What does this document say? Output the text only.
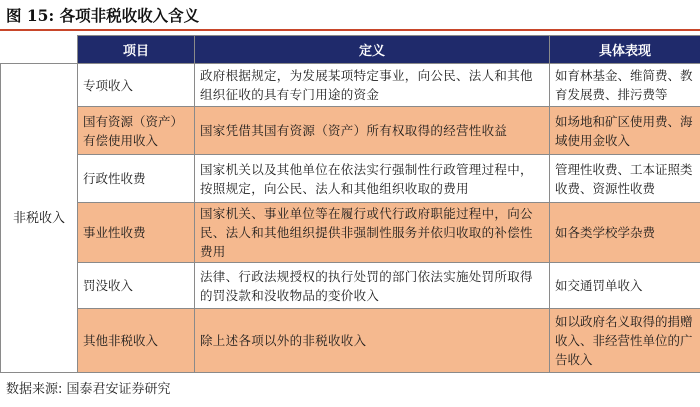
图 15: 各项非税收收入含义
	项目	定义	具体表现
非税收入	专项收入	政府根据规定，为发展某项特定事业，向公民、法人和其他组织征收的具有专门用途的资金	如育林基金、维简费、教育发展费、排污费等
	国有资源（资产）有偿使用收入	国家凭借其国有资源（资产）所有权取得的经营性收益	如场地和矿区使用费、海域使用金收入
	行政性收费	国家机关以及其他单位在依法实行强制性行政管理过程中，按照规定，向公民、法人和其他组织收取的费用	管理性收费、工本证照类收费、资源性收费
	事业性收费	国家机关、事业单位等在履行或代行政府职能过程中，向公民、法人和其他组织提供非强制性服务并依归收取的补偿性费用	如各类学校学杂费
	罚没收入	法律、行政法规授权的执行处罚的部门依法实施处罚所取得的罚没款和没收物品的变价收入	如交通罚单收入
	其他非税收入	除上述各项以外的非税收收入	如以政府名义取得的捐赠收入、非经营性单位的广告收入
数据来源: 国泰君安证券研究
